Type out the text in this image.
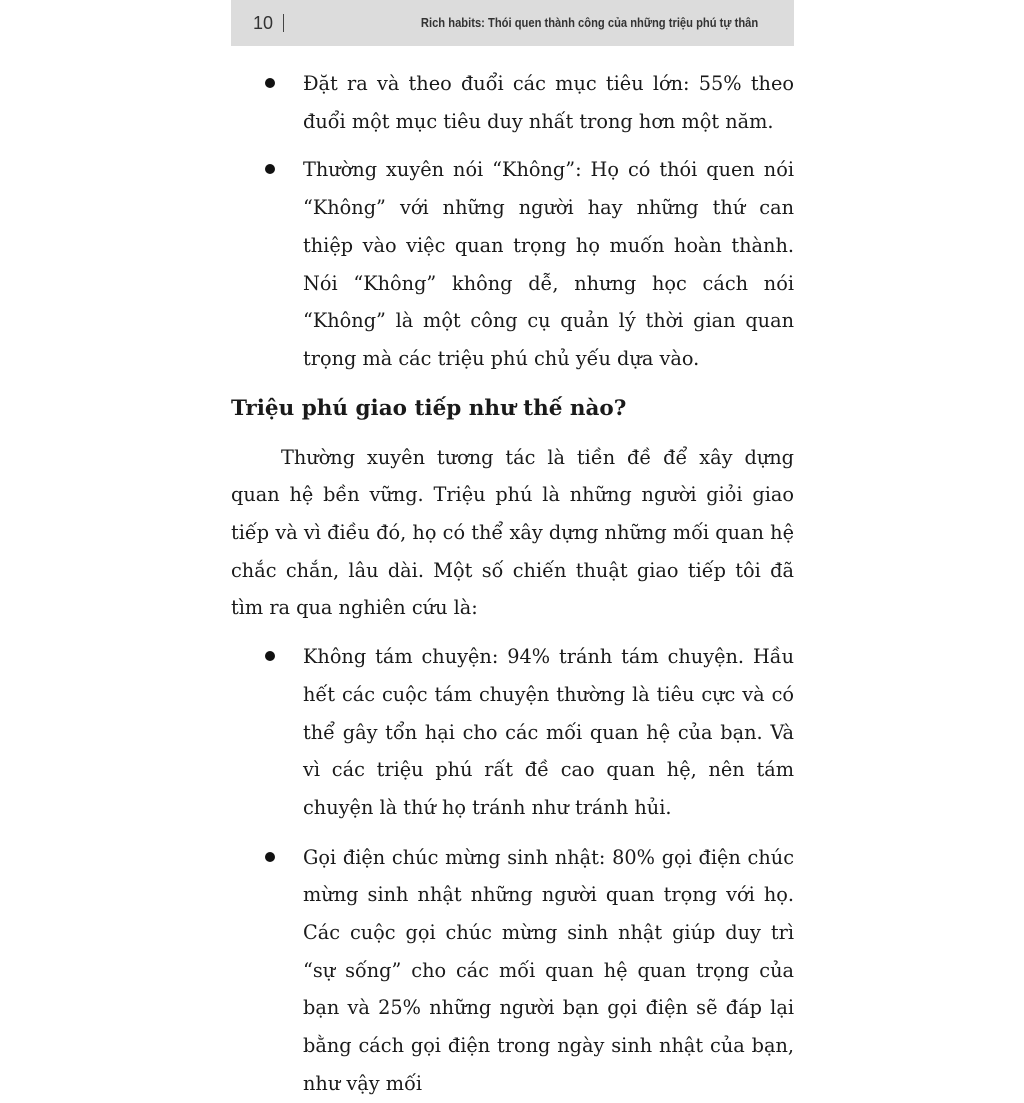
10	Rich habits: Thói quen thành công của những triệu phú tự thân
Đặt ra và theo đuổi các mục tiêu lớn: 55% theo đuổi một mục tiêu duy nhất trong hơn một năm.
Thường xuyên nói “Không”: Họ có thói quen nói “Không” với những người hay những thứ can thiệp vào việc quan trọng họ muốn hoàn thành. Nói “Không” không dễ, nhưng học cách nói “Không” là một công cụ quản lý thời gian quan trọng mà các triệu phú chủ yếu dựa vào.
Triệu phú giao tiếp như thế nào?

Thường xuyên tương tác là tiền đề để xây dựng quan hệ bền vững. Triệu phú là những người giỏi giao tiếp và vì điều đó, họ có thể xây dựng những mối quan hệ chắc chắn, lâu dài. Một số chiến thuật giao tiếp tôi đã tìm ra qua nghiên cứu là:

Không tám chuyện: 94% tránh tám chuyện. Hầu hết các cuộc tám chuyện thường là tiêu cực và có thể gây tổn hại cho các mối quan hệ của bạn. Và vì các triệu phú rất đề cao quan hệ, nên tám chuyện là thứ họ tránh như tránh hủi.
Gọi điện chúc mừng sinh nhật: 80% gọi điện chúc mừng sinh nhật những người quan trọng với họ. Các cuộc gọi chúc mừng sinh nhật giúp duy trì “sự sống” cho các mối quan hệ quan trọng của bạn và 25% những người bạn gọi điện sẽ đáp lại bằng cách gọi điện trong ngày sinh nhật của bạn, như vậy mối
